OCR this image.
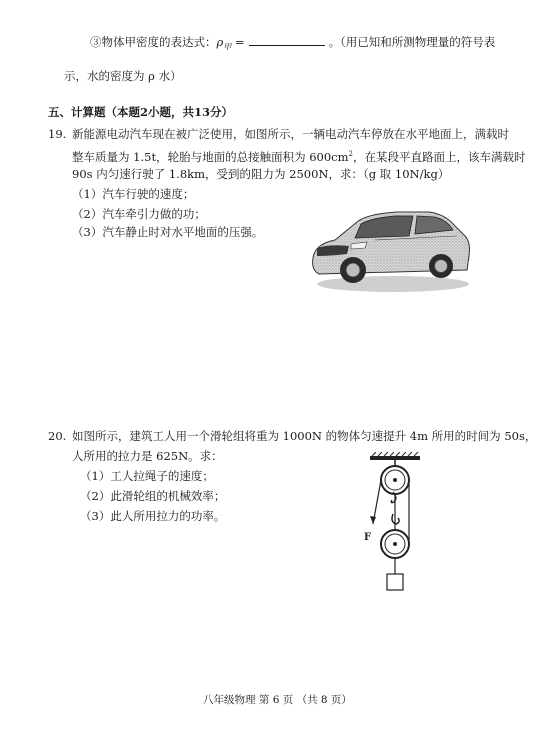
③物体甲密度的表达式：$\rho_甲$ =	。（用已知和所测物理量的符号表
示，水的密度为 ρ 水）
五、计算题（本题2小题，共13分）
19. 新能源电动汽车现在被广泛使用，如图所示，一辆电动汽车停放在水平地面上，满载时
整车质量为 1.5t，轮胎与地面的总接触面积为 $600cm^2$，在某段平直路面上，该车满载时
90s 内匀速行驶了 1.8km，受到的阻力为 2500N，求：（g 取 10N/kg）
（1）汽车行驶的速度；
（2）汽车牵引力做的功；
（3）汽车静止时对水平地面的压强。
20. 如图所示，建筑工人用一个滑轮组将重为 1000N 的物体匀速提升 4m 所用的时间为 50s，
人所用的拉力是 625N。求：
（1）工人拉绳子的速度；
（2）此滑轮组的机械效率；
（3）此人所用拉力的功率。
F
八年级物理 第 6 页 （共 8 页）
